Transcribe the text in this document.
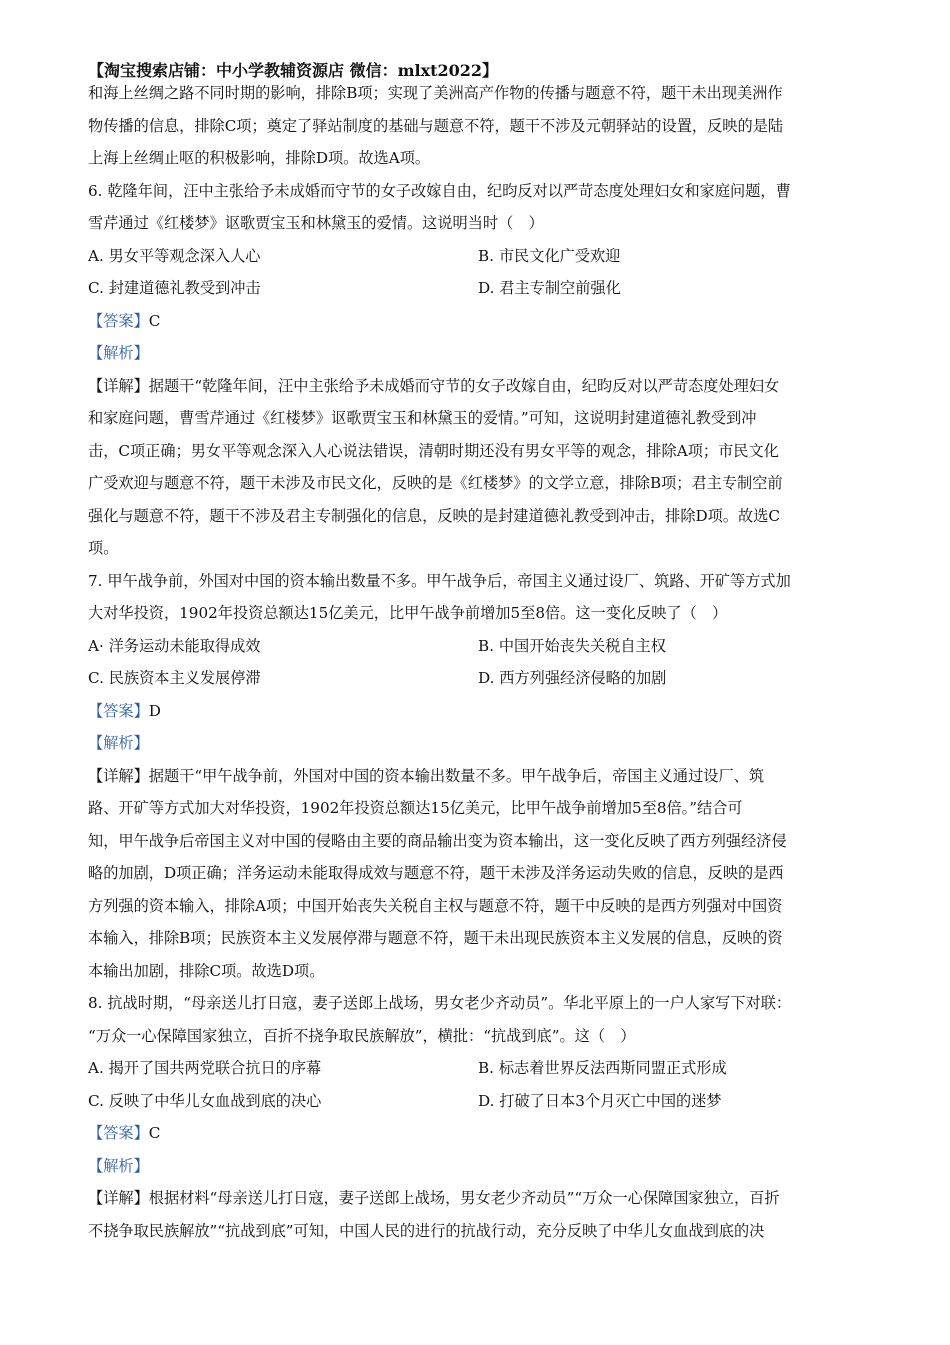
【淘宝搜索店铺：中小学教辅资源店 微信：mlxt2022】
和海上丝绸之路不同时期的影响，排除B项；实现了美洲高产作物的传播与题意不符，题干未出现美洲作
物传播的信息，排除C项；奠定了驿站制度的基础与题意不符，题干不涉及元朝驿站的设置，反映的是陆
上海上丝绸止呕的积极影响，排除D项。故选A项。
6. 乾隆年间，汪中主张给予未成婚而守节的女子改嫁自由，纪昀反对以严苛态度处理妇女和家庭问题，曹
雪芹通过《红楼梦》讴歌贾宝玉和林黛玉的爱情。这说明当时（　）
A. 男女平等观念深入人心	B. 市民文化广受欢迎
C. 封建道德礼教受到冲击	D. 君主专制空前强化
【答案】C
【解析】
【详解】据题干“乾隆年间，汪中主张给予未成婚而守节的女子改嫁自由，纪昀反对以严苛态度处理妇女
和家庭问题，曹雪芹通过《红楼梦》讴歌贾宝玉和林黛玉的爱情。”可知，这说明封建道德礼教受到冲
击，C项正确；男女平等观念深入人心说法错误，清朝时期还没有男女平等的观念，排除A项；市民文化
广受欢迎与题意不符，题干未涉及市民文化，反映的是《红楼梦》的文学立意，排除B项；君主专制空前
强化与题意不符，题干不涉及君主专制强化的信息，反映的是封建道德礼教受到冲击，排除D项。故选C
项。
7. 甲午战争前，外国对中国的资本输出数量不多。甲午战争后，帝国主义通过设厂、筑路、开矿等方式加
大对华投资，1902年投资总额达15亿美元，比甲午战争前增加5至8倍。这一变化反映了（　）
A· 洋务运动未能取得成效	B. 中国开始丧失关税自主权
C. 民族资本主义发展停滞	D. 西方列强经济侵略的加剧
【答案】D
【解析】
【详解】据题干“甲午战争前，外国对中国的资本输出数量不多。甲午战争后，帝国主义通过设厂、筑
路、开矿等方式加大对华投资，1902年投资总额达15亿美元，比甲午战争前增加5至8倍。”结合可
知，甲午战争后帝国主义对中国的侵略由主要的商品输出变为资本输出，这一变化反映了西方列强经济侵
略的加剧，D项正确；洋务运动未能取得成效与题意不符，题干未涉及洋务运动失败的信息，反映的是西
方列强的资本输入，排除A项；中国开始丧失关税自主权与题意不符，题干中反映的是西方列强对中国资
本输入，排除B项；民族资本主义发展停滞与题意不符，题干未出现民族资本主义发展的信息，反映的资
本输出加剧，排除C项。故选D项。
8. 抗战时期，“母亲送儿打日寇，妻子送郎上战场，男女老少齐动员”。华北平原上的一户人家写下对联：
“万众一心保障国家独立，百折不挠争取民族解放”，横批：“抗战到底”。这（　）
A. 揭开了国共两党联合抗日的序幕	B. 标志着世界反法西斯同盟正式形成
C. 反映了中华儿女血战到底的决心	D. 打破了日本3个月灭亡中国的迷梦
【答案】C
【解析】
【详解】根据材料“母亲送儿打日寇，妻子送郎上战场，男女老少齐动员”“万众一心保障国家独立，百折
不挠争取民族解放”“抗战到底”可知，中国人民的进行的抗战行动，充分反映了中华儿女血战到底的决
